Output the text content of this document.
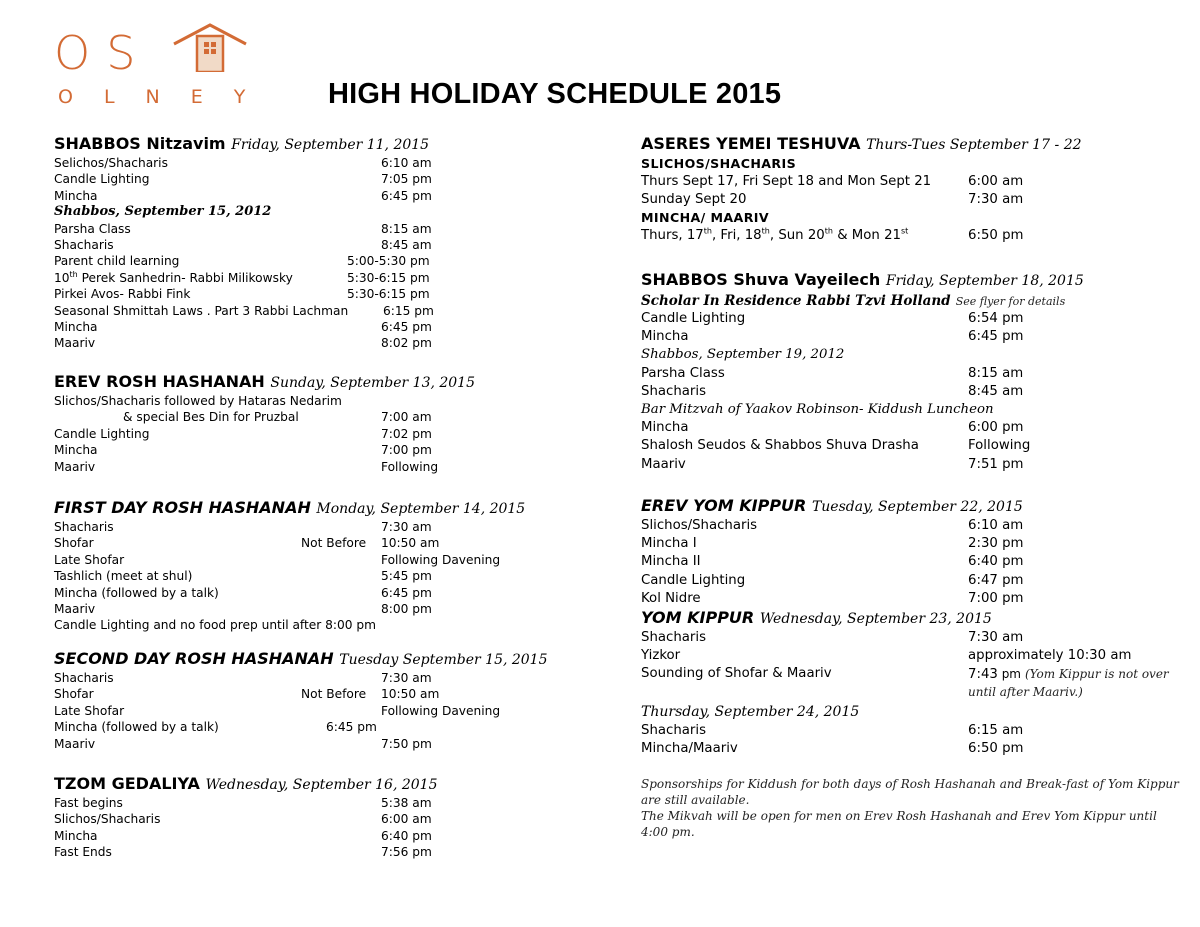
OS
OLNEY HIGH HOLIDAY SCHEDULE 2015
SHABBOS Nitzavim Friday, September 11, 2015
Selichos/Shacharis	6:10 am
Candle Lighting	7:05 pm
Mincha	6:45 pm
Shabbos, September 15, 2012
Parsha Class	8:15 am
Shacharis	8:45 am
Parent child learning	5:00-5:30 pm
10th Perek Sanhedrin- Rabbi Milikowsky	5:30-6:15 pm
Pirkei Avos- Rabbi Fink	5:30-6:15 pm
Seasonal Shmittah Laws . Part 3 Rabbi Lachman	6:15 pm
Mincha	6:45 pm
Maariv	8:02 pm
EREV ROSH HASHANAH Sunday, September 13, 2015
Slichos/Shacharis followed by Hataras Nedarim
& special Bes Din for Pruzbal	7:00 am
Candle Lighting	7:02 pm
Mincha	7:00 pm
Maariv	Following
FIRST DAY ROSH HASHANAH Monday, September 14, 2015
Shacharis	7:30 am
Shofar	Not Before 10:50 am
Late Shofar	Following Davening
Tashlich (meet at shul)	5:45 pm
Mincha (followed by a talk)	6:45 pm
Maariv	8:00 pm
Candle Lighting and no food prep until after 8:00 pm
SECOND DAY ROSH HASHANAH Tuesday September 15, 2015
Shacharis	7:30 am
Shofar	Not Before 10:50 am
Late Shofar	Following Davening
Mincha (followed by a talk)	6:45 pm
Maariv	7:50 pm
TZOM GEDALIYA Wednesday, September 16, 2015
Fast begins	5:38 am
Slichos/Shacharis	6:00 am
Mincha	6:40 pm
Fast Ends	7:56 pm
ASERES YEMEI TESHUVA Thurs-Tues September 17 - 22
SLICHOS/SHACHARIS
Thurs Sept 17, Fri Sept 18 and Mon Sept 21	6:00 am
Sunday Sept 20	7:30 am
MINCHA/ MAARIV
Thurs, 17th, Fri, 18th, Sun 20th & Mon 21st	6:50 pm
SHABBOS Shuva Vayeilech Friday, September 18, 2015
Scholar In Residence Rabbi Tzvi Holland See flyer for details
Candle Lighting	6:54 pm
Mincha	6:45 pm
Shabbos, September 19, 2012
Parsha Class	8:15 am
Shacharis	8:45 am
Bar Mitzvah of Yaakov Robinson- Kiddush Luncheon
Mincha	6:00 pm
Shalosh Seudos & Shabbos Shuva Drasha	Following
Maariv	7:51 pm
EREV YOM KIPPUR Tuesday, September 22, 2015
Slichos/Shacharis	6:10 am
Mincha I	2:30 pm
Mincha II	6:40 pm
Candle Lighting	6:47 pm
Kol Nidre	7:00 pm
YOM KIPPUR Wednesday, September 23, 2015
Shacharis	7:30 am
Yizkor	approximately 10:30 am
Sounding of Shofar & Maariv	7:43 pm (Yom Kippur is not over
until after Maariv.)
Thursday, September 24, 2015
Shacharis	6:15 am
Mincha/Maariv	6:50 pm
Sponsorships for Kiddush for both days of Rosh Hashanah and Break-fast of Yom Kippur
are still available.
The Mikvah will be open for men on Erev Rosh Hashanah and Erev Yom Kippur until
4:00 pm.
